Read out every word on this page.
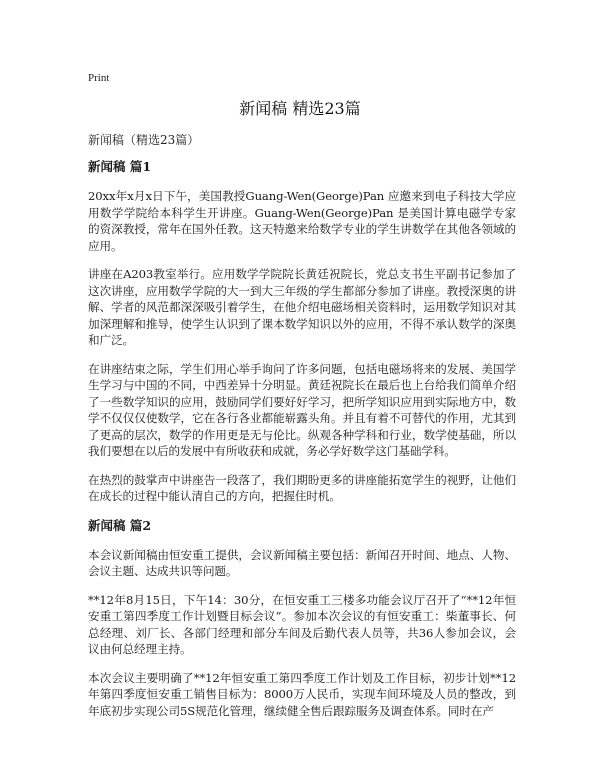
Print
新闻稿 精选23篇

新闻稿（精选23篇）

新闻稿 篇1

20xx年x月x日下午，美国教授Guang-Wen(George)Pan 应邀来到电子科技大学应用数学学院给本科学生开讲座。Guang-Wen(George)Pan 是美国计算电磁学专家的资深教授，常年在国外任教。这天特邀来给数学专业的学生讲数学在其他各领域的应用。

讲座在A203教室举行。应用数学学院院长黄廷祝院长，党总支书生平副书记参加了这次讲座，应用数学学院的大一到大三年级的学生都部分参加了讲座。教授深奥的讲解、学者的风范都深深吸引着学生，在他介绍电磁场相关资料时，运用数学知识对其加深理解和推导，使学生认识到了课本数学知识以外的应用，不得不承认数学的深奥和广泛。

在讲座结束之际，学生们用心举手询问了许多问题，包括电磁场将来的发展、美国学生学习与中国的不同，中西差异十分明显。黄廷祝院长在最后也上台给我们简单介绍了一些数学知识的应用，鼓励同学们要好好学习，把所学知识应用到实际地方中，数学不仅仅仅使数学，它在各行各业都能崭露头角。并且有着不可替代的作用，尤其到了更高的层次，数学的作用更是无与伦比。纵观各种学科和行业，数学使基础，所以我们要想在以后的发展中有所收获和成就，务必学好数学这门基础学科。

在热烈的鼓掌声中讲座告一段落了，我们期盼更多的讲座能拓宽学生的视野，让他们在成长的过程中能认清自己的方向，把握住时机。

新闻稿 篇2

本会议新闻稿由恒安重工提供，会议新闻稿主要包括：新闻召开时间、地点、人物、会议主题、达成共识等问题。

**12年8月15日，下午14：30分，在恒安重工三楼多功能会议厅召开了“**12年恒安重工第四季度工作计划暨目标会议”。参加本次会议的有恒安重工：柴董事长、何总经理、刘厂长、各部门经理和部分车间及后勤代表人员等，共36人参加会议，会议由何总经理主持。

本次会议主要明确了**12年恒安重工第四季度工作计划及工作目标，初步计划**12年第四季度恒安重工销售目标为：8000万人民币，实现车间环境及人员的整改，到年底初步实现公司5S规范化管理，继续健全售后跟踪服务及调查体系。同时在产
